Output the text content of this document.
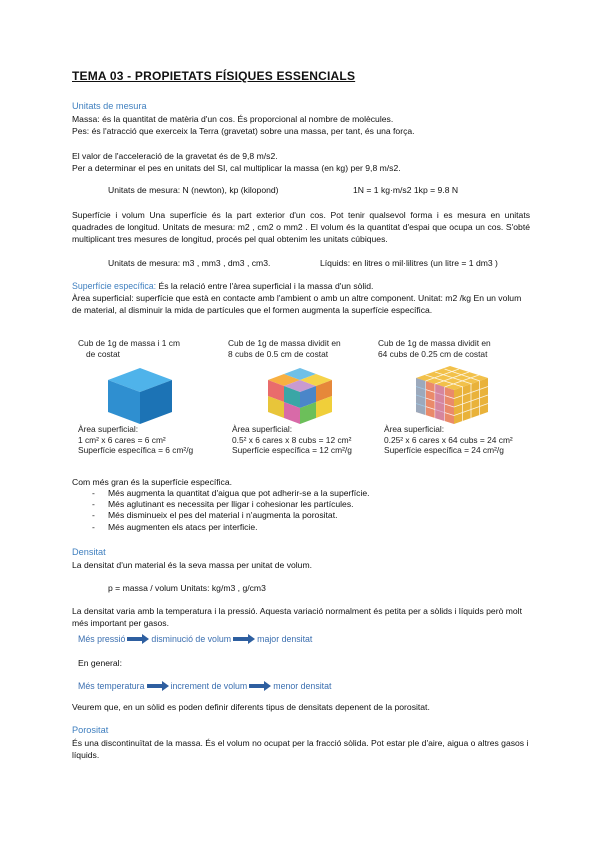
TEMA 03 - PROPIETATS FÍSIQUES ESSENCIALS
Unitats de mesura
Massa: és la quantitat de matèria d'un cos. És proporcional al nombre de molècules.
Pes: és l'atracció que exerceix la Terra (gravetat) sobre una massa, per tant, és una força.
El valor de l'acceleració de la gravetat és de 9,8 m/s2.
Per a determinar el pes en unitats del SI, cal multiplicar la massa (en kg) per 9,8 m/s2.
Unitats de mesura: N (newton), kp (kilopond)	1N = 1 kg·m/s2 1kp = 9.8 N
Superfície i volum Una superfície és la part exterior d'un cos. Pot tenir qualsevol forma i es mesura en unitats quadrades de longitud. Unitats de mesura: m2 , cm2 o mm2 . El volum és la quantitat d'espai que ocupa un cos. S'obté multiplicant tres mesures de longitud, procés pel qual obtenim les unitats cúbiques.
Unitats de mesura: m3 , mm3 , dm3 , cm3.	Líquids: en litres o mil·lilitres (un litre = 1 dm3 )
Superfície específica: És la relació entre l'àrea superficial i la massa d'un sòlid.
Àrea superficial: superfície que està en contacte amb l'ambient o amb un altre component. Unitat: m2 /kg En un volum de material, al disminuir la mida de partícules que el formen augmenta la superfície específica.
Cub de 1g de massa i 1 cm
de costat
Àrea superficial:
1 cm² x 6 cares = 6 cm²
Superfície específica = 6 cm²/g
Cub de 1g de massa dividit en
8 cubs de 0.5 cm de costat
Àrea superficial:
0.5² x 6 cares x 8 cubs = 12 cm²
Superfície específica = 12 cm²/g
Cub de 1g de massa dividit en
64 cubs de 0.25 cm de costat
Àrea superficial:
0.25² x 6 cares x 64 cubs = 24 cm²
Superfície específica = 24 cm²/g
Com més gran és la superfície específica.
- Més augmenta la quantitat d'aigua que pot adherir-se a la superfície.
- Més aglutinant es necessita per lligar i cohesionar les partícules.
- Més disminueix el pes del material i n'augmenta la porositat.
- Més augmenten els atacs per interficie.
Densitat
La densitat d'un material és la seva massa per unitat de volum.
p = massa / volum Unitats: kg/m3 , g/cm3
La densitat varia amb la temperatura i la pressió. Aquesta variació normalment és petita per a sòlids i líquids però molt més important per gasos.
Més pressió	disminució de volum	major densitat
En general:
Més temperatura	increment de volum	menor densitat
Veurem que, en un sòlid es poden definir diferents tipus de densitats depenent de la porositat.
Porositat
És una discontinuïtat de la massa. És el volum no ocupat per la fracció sòlida. Pot estar ple d'aire, aigua o altres gasos i líquids.
